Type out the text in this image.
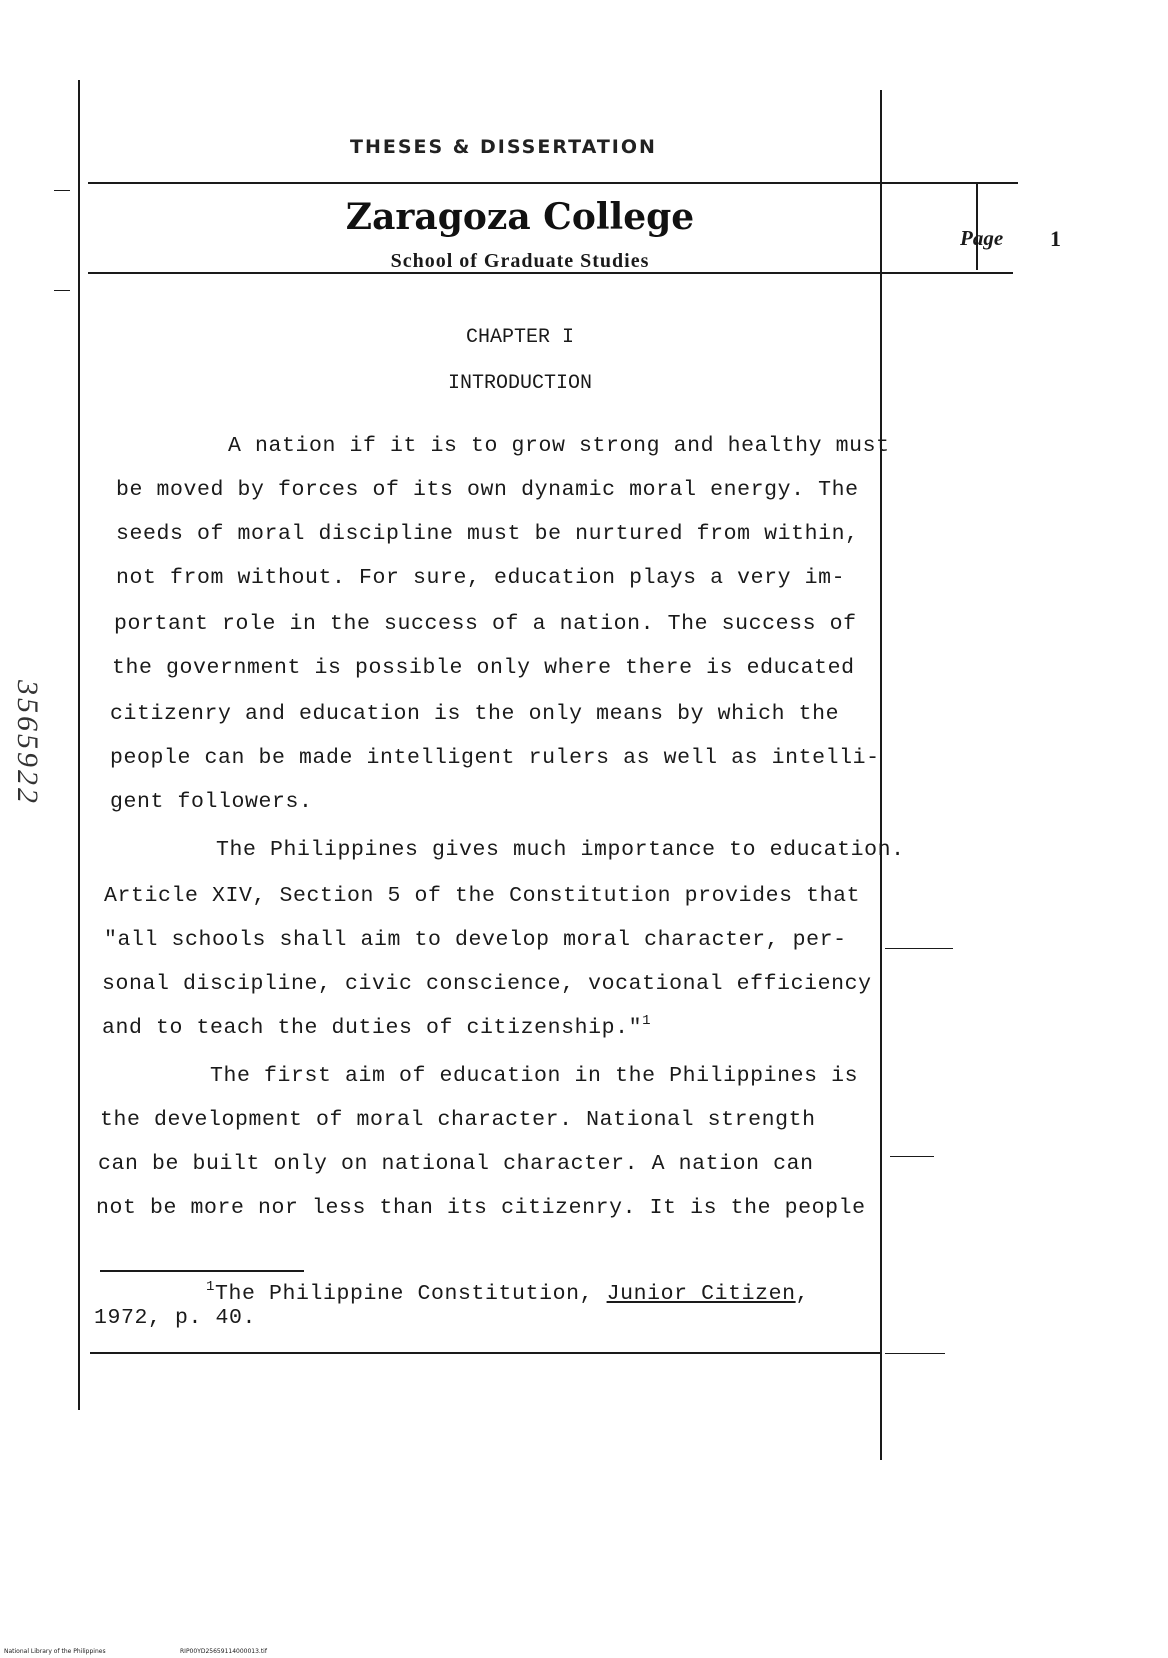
THESES & DISSERTATION
Zaragoza College
School of Graduate Studies
Page 1
CHAPTER I
INTRODUCTION
A nation if it is to grow strong and healthy must
be moved by forces of its own dynamic moral energy. The
seeds of moral discipline must be nurtured from within,
not from without. For sure, education plays a very im-
portant role in the success of a nation. The success of
the government is possible only where there is educated
citizenry and education is the only means by which the
people can be made intelligent rulers as well as intelli-
gent followers.
The Philippines gives much importance to education.
Article XIV, Section 5 of the Constitution provides that
"all schools shall aim to develop moral character, per-
sonal discipline, civic conscience, vocational efficiency
and to teach the duties of citizenship."$^1$
The first aim of education in the Philippines is
the development of moral character. National strength
can be built only on national character. A nation can
not be more nor less than its citizenry. It is the people
$^1$The Philippine Constitution, Junior Citizen,
1972, p. 40.
3565922
National Library of the Philippines	RIP00YD25659114000013.tif
